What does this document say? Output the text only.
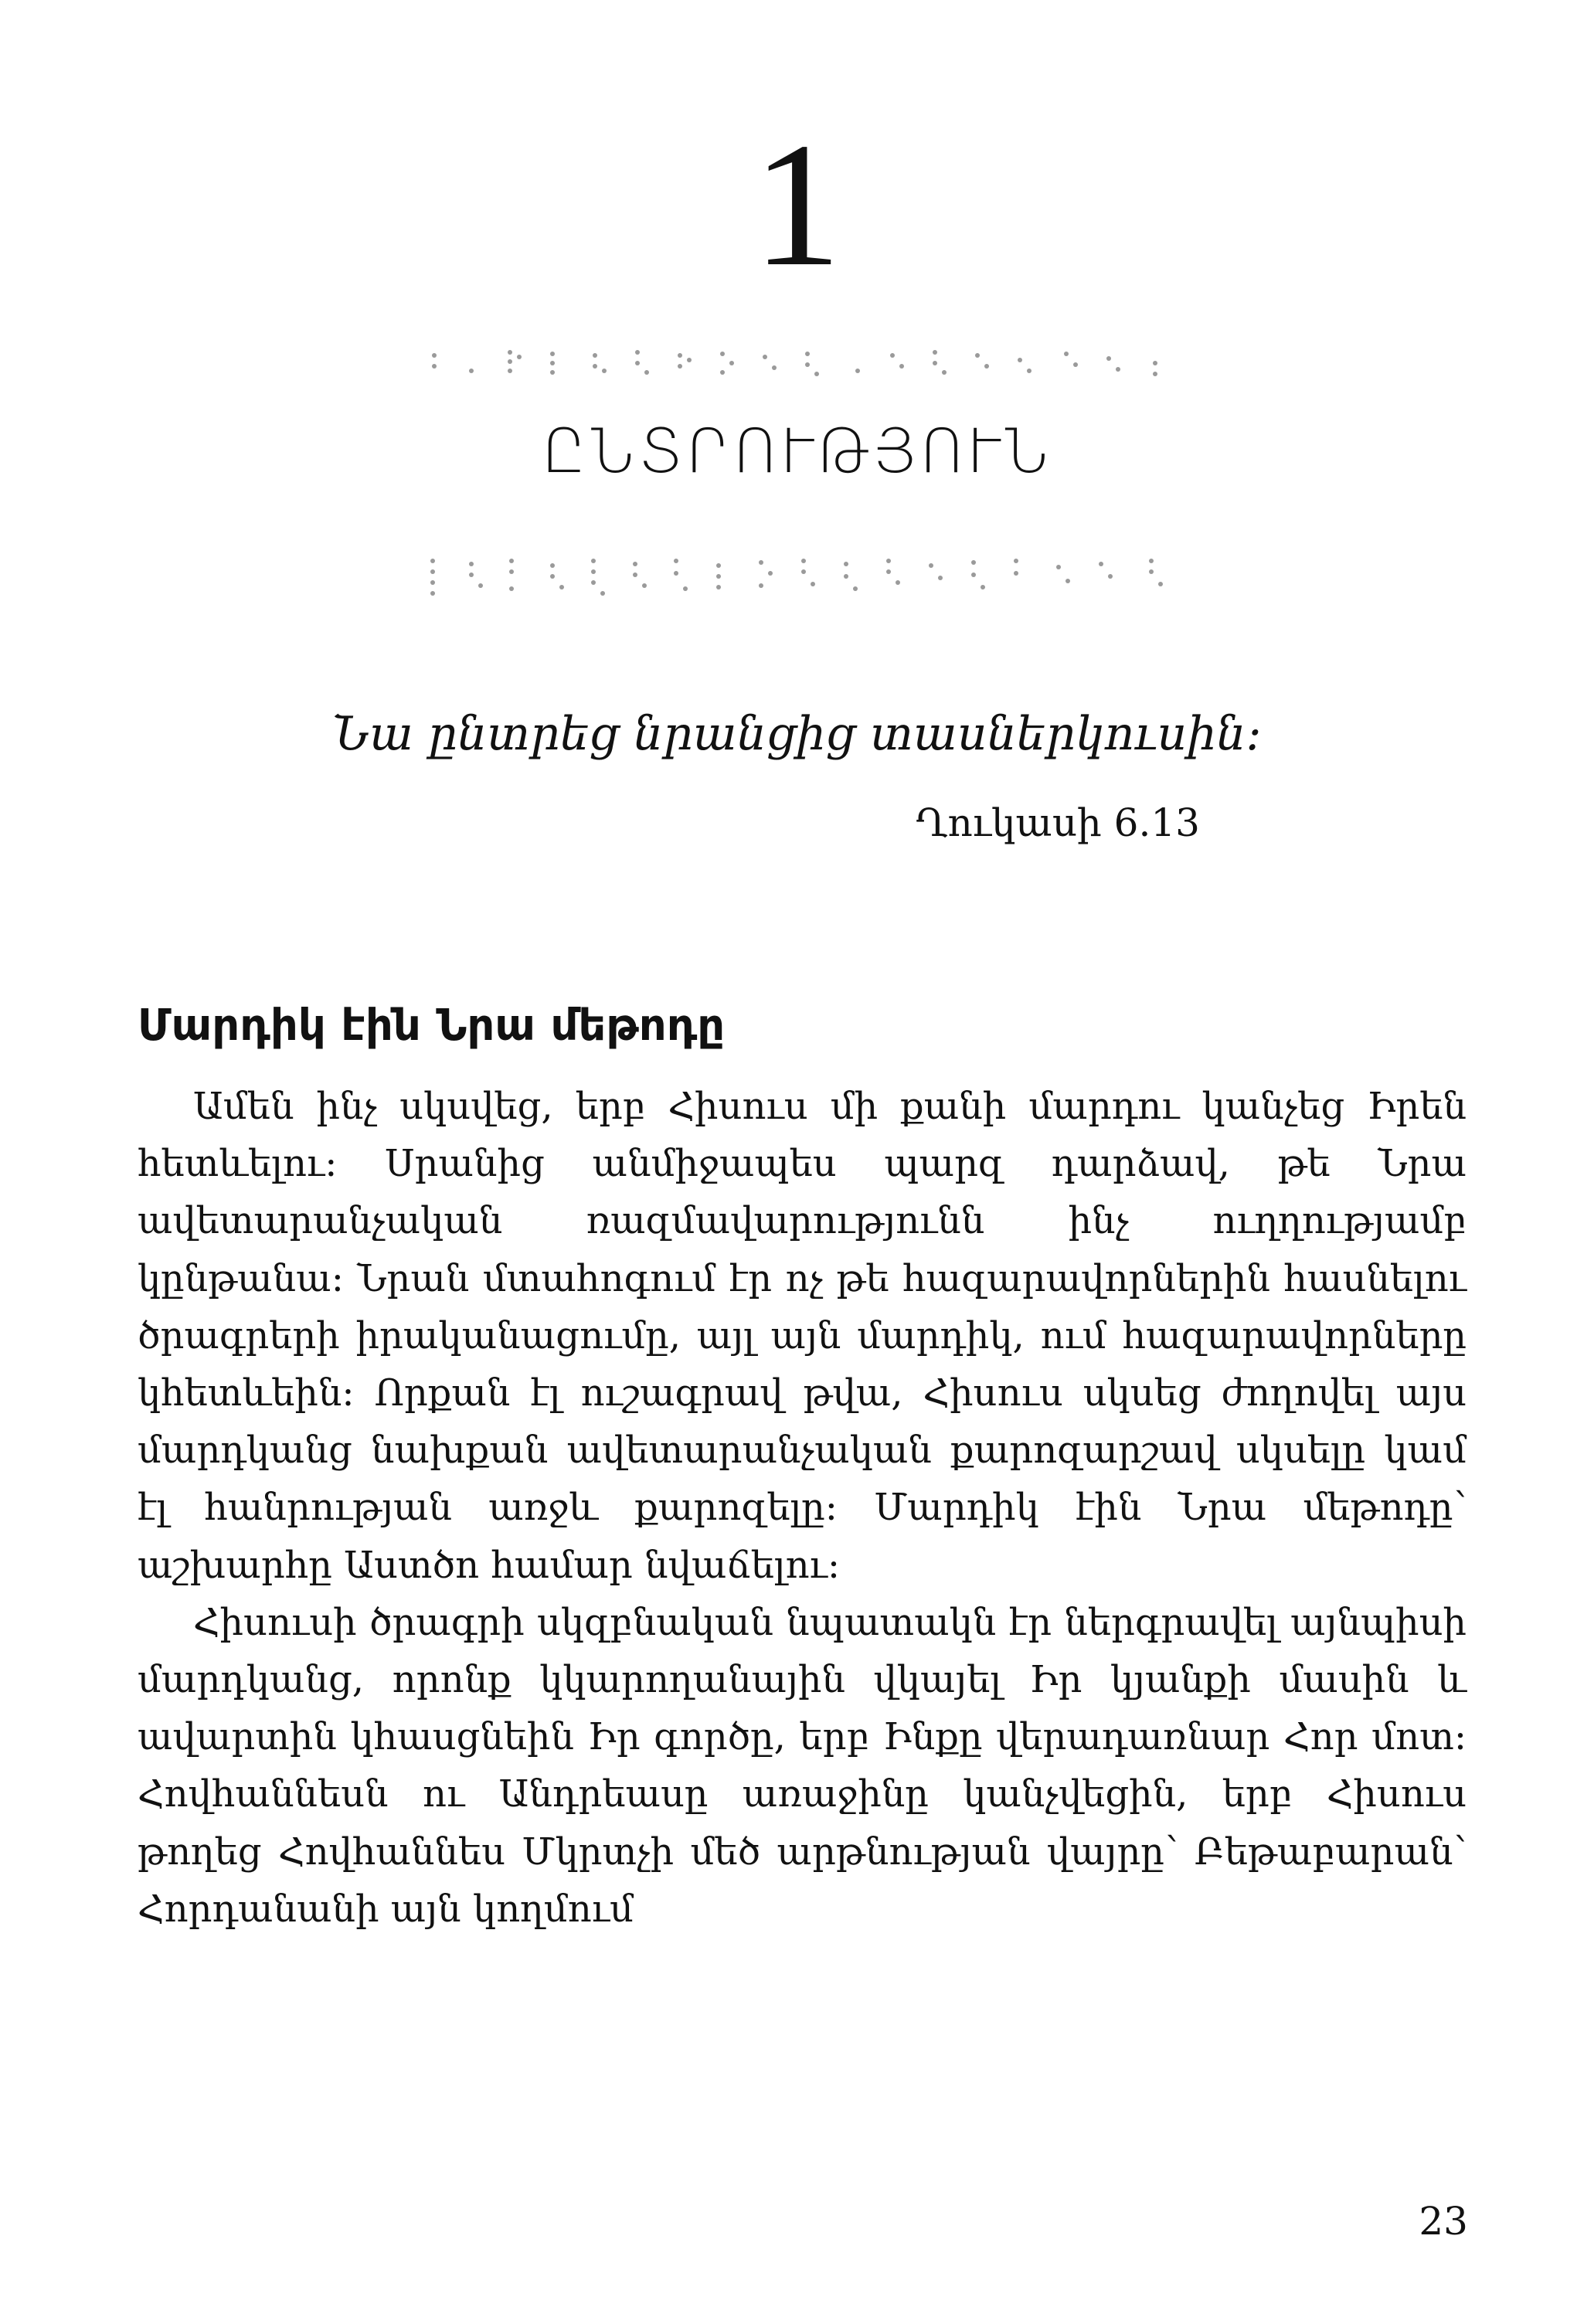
1
ԸՆՏՐՈՒԹՅՈՒՆ
Նա ընտրեց նրանցից տասներկուսին:
Ղուկասի 6.13
Մարդիկ էին Նրա մեթոդը

Ամեն ինչ սկսվեց, երբ Հիսուս մի քանի մարդու կանչեց Իրեն հետևելու: Սրանից անմիջապես պարզ դարձավ, թե Նրա ավետարանչական ռազմավարությունն ինչ ուղղությամբ կընթանա: Նրան մտահոգում էր ոչ թե հազարավորներին հասնելու ծրագրերի իրականացումը, այլ այն մարդիկ, ում հազարավորները կհետևեին: Որքան էլ ուշագրավ թվա, Հիսուս սկսեց ժողովել այս մարդկանց նախքան ավետարանչական քարոզարշավ սկսելը կամ էլ հանրության առջև քարոզելը: Մարդիկ էին Նրա մեթոդը՝ աշխարհը Աստծո համար նվաճելու:

Հիսուսի ծրագրի սկզբնական նպատակն էր ներգրավել այնպիսի մարդկանց, որոնք կկարողանային վկայել Իր կյանքի մասին և ավարտին կհասցնեին Իր գործը, երբ Ինքը վերադառնար Հոր մոտ: Հովհաննեսն ու Անդրեասը առաջինը կանչվեցին, երբ Հիսուս թողեց Հովհաննես Մկրտչի մեծ արթնության վայրը՝ Բեթաբարան՝ Հորդանանի այն կողմում

23
